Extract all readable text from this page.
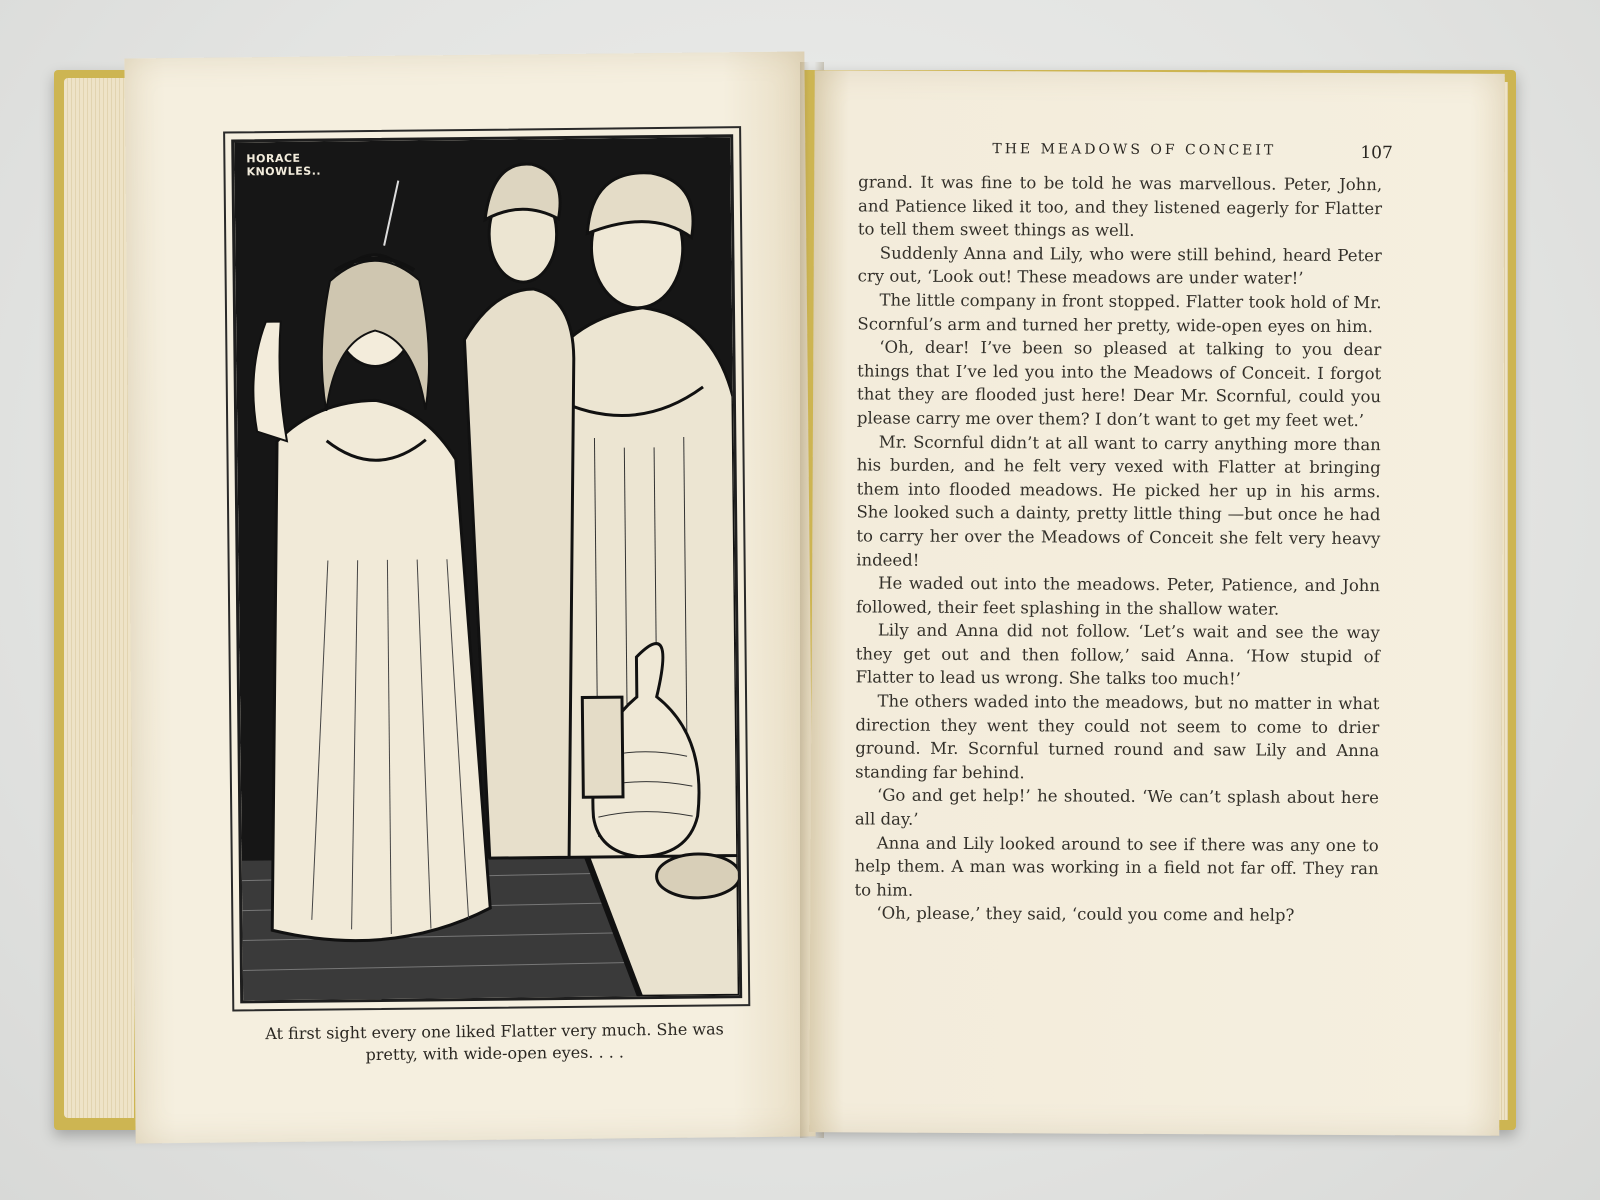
HORACE
KNOWLES..
At first sight every one liked Flatter very much. She was
pretty, with wide-open eyes. . . .
THE MEADOWS OF CONCEIT	107

grand. It was fine to be told he was marvellous. Peter, John, and Patience liked it too, and they listened eagerly for Flatter to tell them sweet things as well.

Suddenly Anna and Lily, who were still behind, heard Peter cry out, ‘Look out! These meadows are under water!’

The little company in front stopped. Flatter took hold of Mr. Scornful’s arm and turned her pretty, wide-open eyes on him.

‘Oh, dear! I’ve been so pleased at talking to you dear things that I’ve led you into the Meadows of Conceit. I forgot that they are flooded just here! Dear Mr. Scornful, could you please carry me over them? I don’t want to get my feet wet.’

Mr. Scornful didn’t at all want to carry anything more than his burden, and he felt very vexed with Flatter at bringing them into flooded meadows. He picked her up in his arms. She looked such a dainty, pretty little thing —but once he had to carry her over the Meadows of Conceit she felt very heavy indeed!

He waded out into the meadows. Peter, Patience, and John followed, their feet splashing in the shallow water.

Lily and Anna did not follow. ‘Let’s wait and see the way they get out and then follow,’ said Anna. ‘How stupid of Flatter to lead us wrong. She talks too much!’

The others waded into the meadows, but no matter in what direction they went they could not seem to come to drier ground. Mr. Scornful turned round and saw Lily and Anna standing far behind.

‘Go and get help!’ he shouted. ‘We can’t splash about here all day.’

Anna and Lily looked around to see if there was any one to help them. A man was working in a field not far off. They ran to him.

‘Oh, please,’ they said, ‘could you come and help?
